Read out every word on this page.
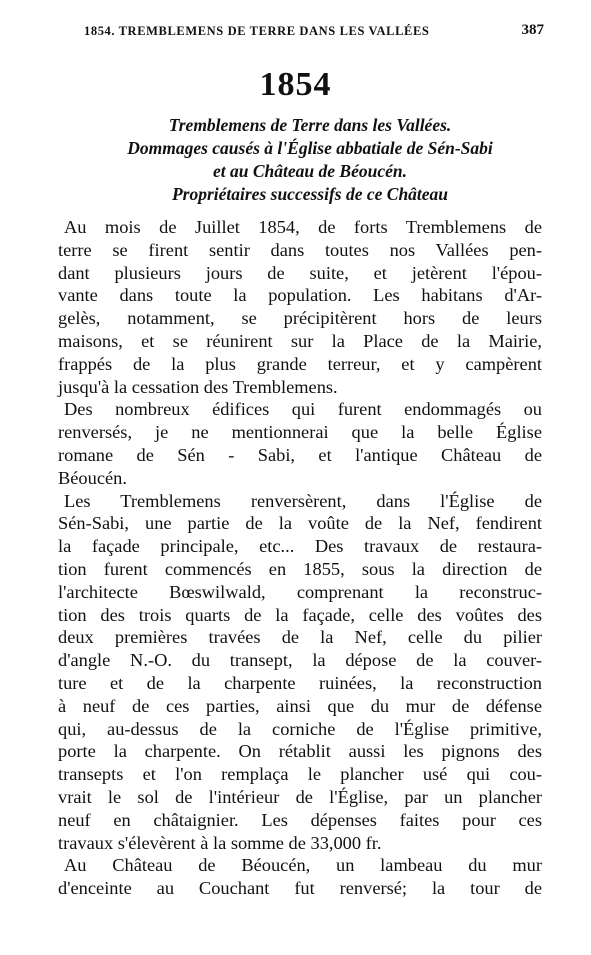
1854. TREMBLEMENS DE TERRE DANS LES VALLÉES	387
1854
Tremblemens de Terre dans les Vallées.
Dommages causés à l'Église abbatiale de Sén-Sabi
et au Château de Béoucén.
Propriétaires successifs de ce Château
Au mois de Juillet 1854, de forts Tremblemens de
terre se firent sentir dans toutes nos Vallées pen-
dant plusieurs jours de suite, et jetèrent l'épou-
vante dans toute la population. Les habitans d'Ar-
gelès, notamment, se précipitèrent hors de leurs
maisons, et se réunirent sur la Place de la Mairie,
frappés de la plus grande terreur, et y campèrent
jusqu'à la cessation des Tremblemens.
Des nombreux édifices qui furent endommagés ou
renversés, je ne mentionnerai que la belle Église
romane de Sén - Sabi, et l'antique Château de
Béoucén.
Les Tremblemens renversèrent, dans l'Église de
Sén-Sabi, une partie de la voûte de la Nef, fendirent
la façade principale, etc... Des travaux de restaura-
tion furent commencés en 1855, sous la direction de
l'architecte Bœswilwald, comprenant la reconstruc-
tion des trois quarts de la façade, celle des voûtes des
deux premières travées de la Nef, celle du pilier
d'angle N.-O. du transept, la dépose de la couver-
ture et de la charpente ruinées, la reconstruction
à neuf de ces parties, ainsi que du mur de défense
qui, au-dessus de la corniche de l'Église primitive,
porte la charpente. On rétablit aussi les pignons des
transepts et l'on remplaça le plancher usé qui cou-
vrait le sol de l'intérieur de l'Église, par un plancher
neuf en châtaignier. Les dépenses faites pour ces
travaux s'élevèrent à la somme de 33,000 fr.
Au Château de Béoucén, un lambeau du mur
d'enceinte au Couchant fut renversé; la tour de
